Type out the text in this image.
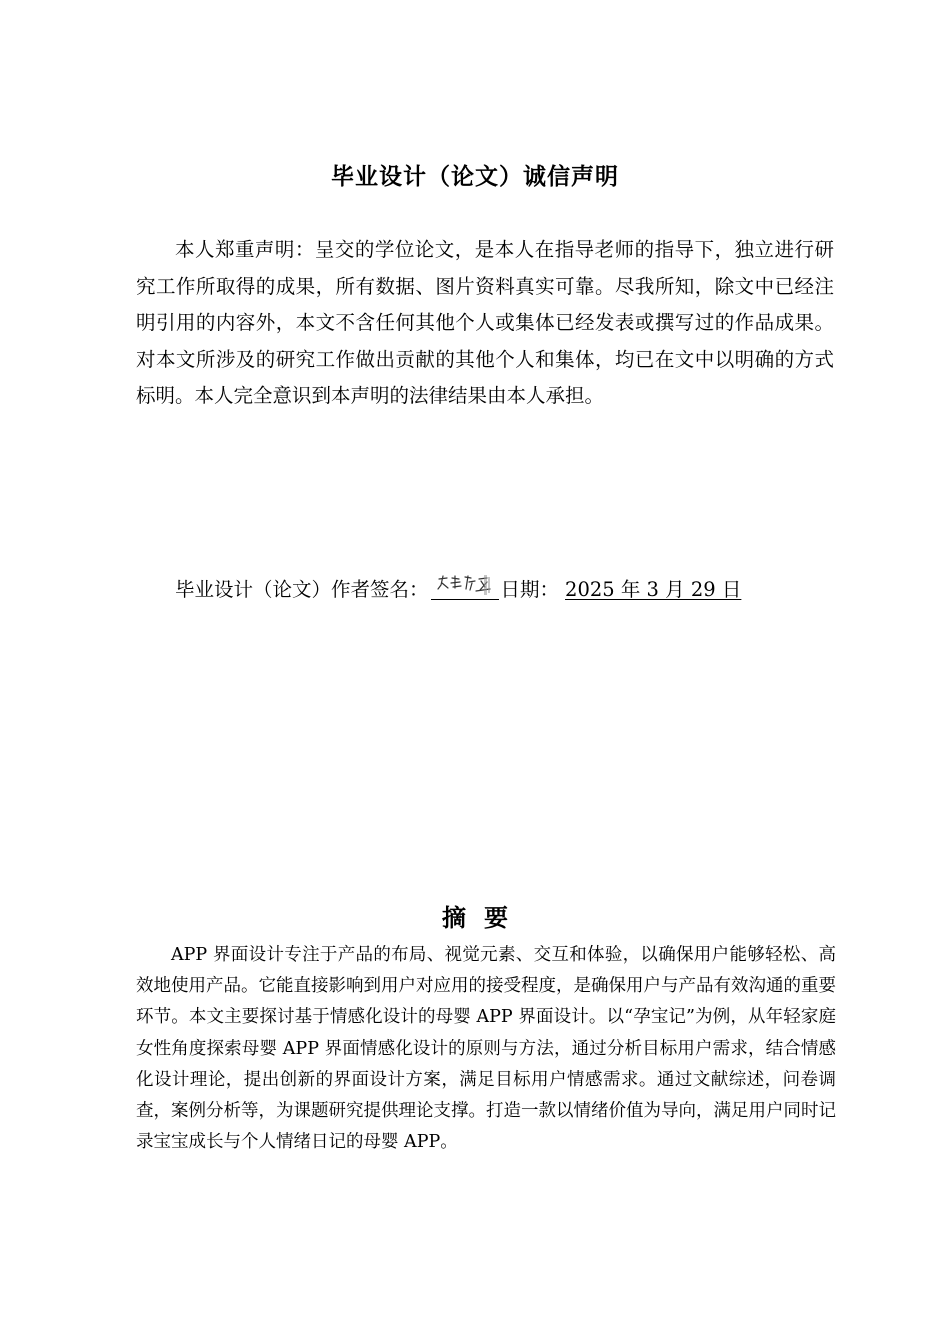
毕业设计（论文）诚信声明

本人郑重声明：呈交的学位论文，是本人在指导老师的指导下，独立进行研究工作所取得的成果，所有数据、图片资料真实可靠。尽我所知，除文中已经注明引用的内容外，本文不含任何其他个人或集体已经发表或撰写过的作品成果。对本文所涉及的研究工作做出贡献的其他个人和集体，均已在文中以明确的方式标明。本人完全意识到本声明的法律结果由本人承担。

毕业设计（论文）作者签名：	日期： 2025 年 3 月 29 日
摘要

APP 界面设计专注于产品的布局、视觉元素、交互和体验，以确保用户能够轻松、高效地使用产品。它能直接影响到用户对应用的接受程度，是确保用户与产品有效沟通的重要环节。本文主要探讨基于情感化设计的母婴 APP 界面设计。以“孕宝记”为例，从年轻家庭女性角度探索母婴 APP 界面情感化设计的原则与方法，通过分析目标用户需求，结合情感化设计理论，提出创新的界面设计方案，满足目标用户情感需求。通过文献综述，问卷调查，案例分析等，为课题研究提供理论支撑。打造一款以情绪价值为导向，满足用户同时记录宝宝成长与个人情绪日记的母婴 APP。
